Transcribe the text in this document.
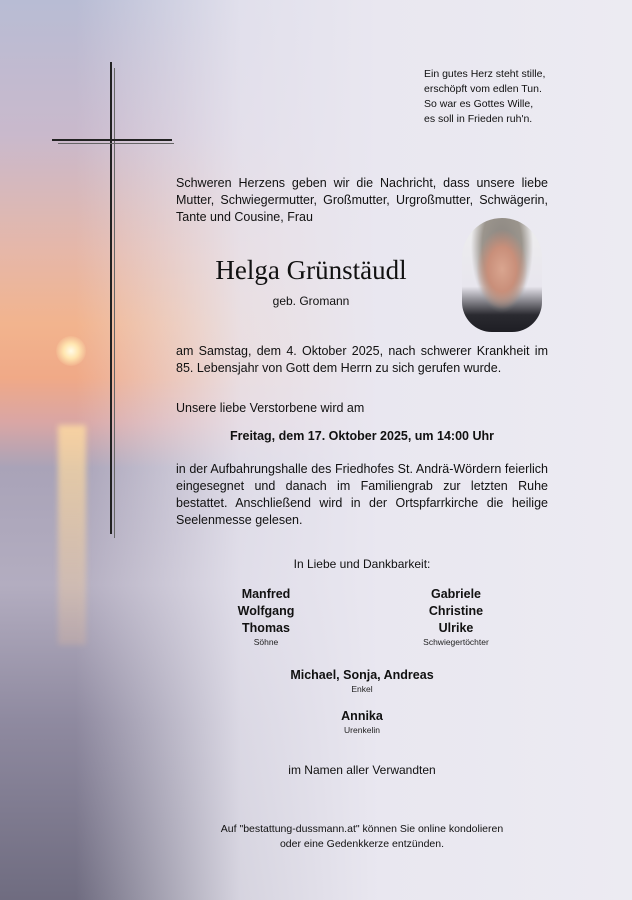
Ein gutes Herz steht stille,
erschöpft vom edlen Tun.
So war es Gottes Wille,
es soll in Frieden ruh'n.
Schweren Herzens geben wir die Nachricht, dass unsere liebe Mutter, Schwiegermutter, Großmutter, Urgroßmutter, Schwägerin, Tante und Cousine, Frau
Helga Grünstäudl
geb. Gromann
am Samstag, dem 4. Oktober 2025, nach schwerer Krankheit im 85. Lebensjahr von Gott dem Herrn zu sich gerufen wurde.
Unsere liebe Verstorbene wird am
Freitag, dem 17. Oktober 2025, um 14:00 Uhr
in der Aufbahrungshalle des Friedhofes St. Andrä-Wördern feierlich eingesegnet und danach im Familiengrab zur letzten Ruhe bestattet. Anschließend wird in der Ortspfarrkirche die heilige Seelenmesse gelesen.
In Liebe und Dankbarkeit:
Manfred
Wolfgang
Thomas
Söhne
Gabriele
Christine
Ulrike
Schwiegertöchter
Michael, Sonja, Andreas
Enkel
Annika
Urenkelin
im Namen aller Verwandten
Auf "bestattung-dussmann.at" können Sie online kondolieren
oder eine Gedenkkerze entzünden.
